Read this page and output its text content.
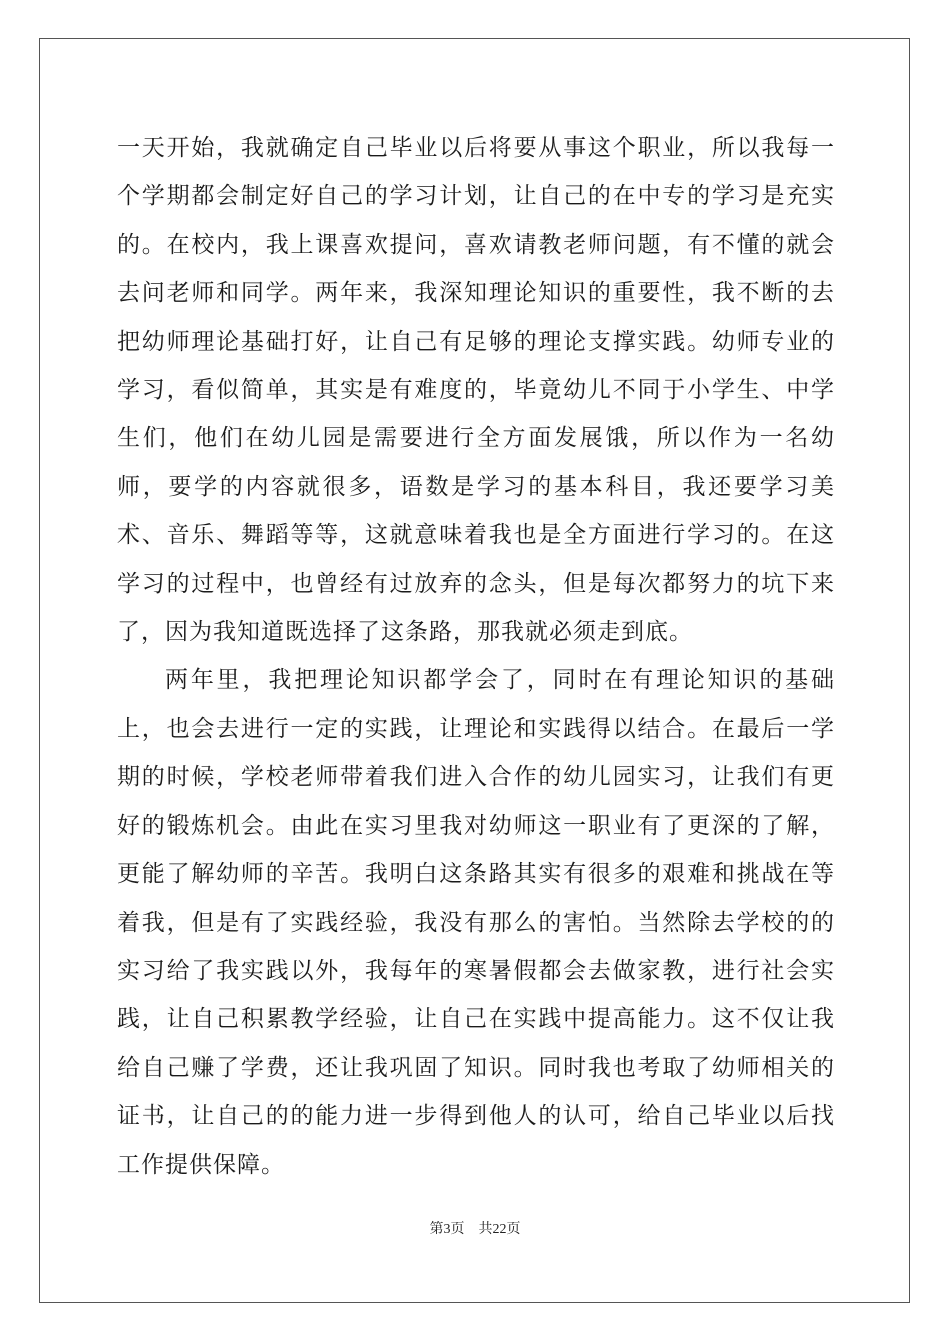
一天开始，我就确定自己毕业以后将要从事这个职业，所以我每一个学期都会制定好自己的学习计划，让自己的在中专的学习是充实的。在校内，我上课喜欢提问，喜欢请教老师问题，有不懂的就会去问老师和同学。两年来，我深知理论知识的重要性，我不断的去把幼师理论基础打好，让自己有足够的理论支撑实践。幼师专业的学习，看似简单，其实是有难度的，毕竟幼儿不同于小学生、中学生们，他们在幼儿园是需要进行全方面发展饿，所以作为一名幼师，要学的内容就很多，语数是学习的基本科目，我还要学习美术、音乐、舞蹈等等，这就意味着我也是全方面进行学习的。在这学习的过程中，也曾经有过放弃的念头，但是每次都努力的坑下来了，因为我知道既选择了这条路，那我就必须走到底。

两年里，我把理论知识都学会了，同时在有理论知识的基础上，也会去进行一定的实践，让理论和实践得以结合。在最后一学期的时候，学校老师带着我们进入合作的幼儿园实习，让我们有更好的锻炼机会。由此在实习里我对幼师这一职业有了更深的了解，更能了解幼师的辛苦。我明白这条路其实有很多的艰难和挑战在等着我，但是有了实践经验，我没有那么的害怕。当然除去学校的的实习给了我实践以外，我每年的寒暑假都会去做家教，进行社会实践，让自己积累教学经验，让自己在实践中提高能力。这不仅让我给自己赚了学费，还让我巩固了知识。同时我也考取了幼师相关的证书，让自己的的能力进一步得到他人的认可，给自己毕业以后找工作提供保障。

第3页    共22页
